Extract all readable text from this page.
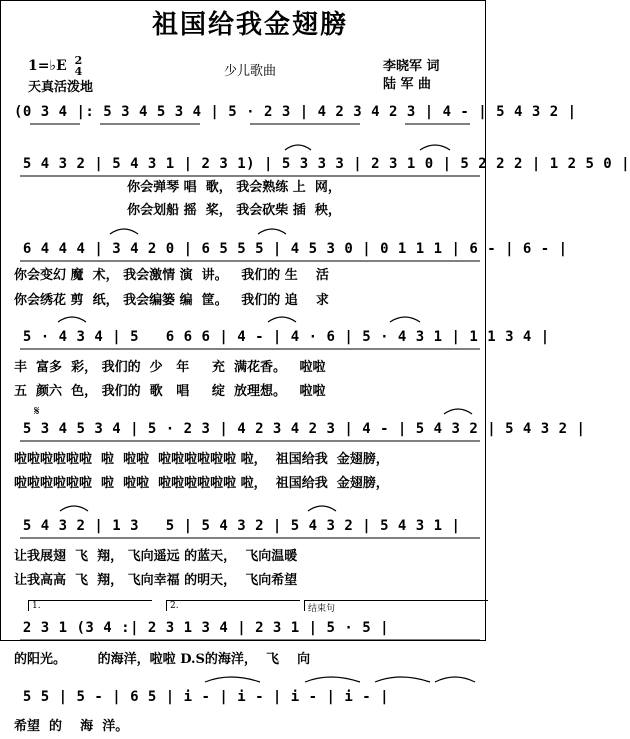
祖国给我金翅膀
1=♭E 2
4
天真活泼地
少儿歌曲	李晓军 词
陆 军 曲
(0 3 4 |: 5 3 4 5 3 4 | 5 · 2 3 | 4 2 3 4 2 3 | 4 - | 5 4 3 2 |
5 4 3 2 | 5 4 3 1 | 2 3 1) | 5 3 3 3 | 2 3 1 0 | 5 2 2 2 | 1 2 5 0 |
你会弹琴 唱  歌， 我会熟练 上  网，
你会划船 摇  桨， 我会砍柴 插  秧，
6 4 4 4 | 3 4 2 0 | 6 5 5 5 | 4 5 3 0 | 0 1 1 1 | 6 - | 6 - |
你会变幻 魔  术， 我会激情 演  讲。   我们的 生    活
你会绣花 剪  纸， 我会编篓 编  筐。   我们的 追    求
5 · 4 3 4 | 5   6 6 6 | 4 - | 4 · 6 | 5 · 4 3 1 | 1 1 3 4 |
丰  富多  彩， 我们的  少   年     充  满花香。   啦啦
五  颜六  色， 我们的  歌   唱     绽  放理想。   啦啦
𝄋
5 3 4 5 3 4 | 5 · 2 3 | 4 2 3 4 2 3 | 4 - | 5 4 3 2 | 5 4 3 2 |
啦啦啦啦啦啦  啦  啦啦  啦啦啦啦啦啦 啦，  祖国给我  金翅膀，
啦啦啦啦啦啦  啦  啦啦  啦啦啦啦啦啦 啦，  祖国给我  金翅膀，
5 4 3 2 | 1 3   5 | 5 4 3 2 | 5 4 3 2 | 5 4 3 1 |
让我展翅  飞  翔， 飞向遥远 的蓝天，  飞向温暖
让我高高  飞  翔， 飞向幸福 的明天，  飞向希望
1.	2.	结束句
2 3 1 (3 4 :| 2 3 1 3 4 | 2 3 1 | 5 · 5 |
的阳光。       的海洋，啦啦 D.S的海洋，  飞    向
5 5 | 5 - | 6 5 | i - | i - | i - | i - |
希望  的    海  洋。
